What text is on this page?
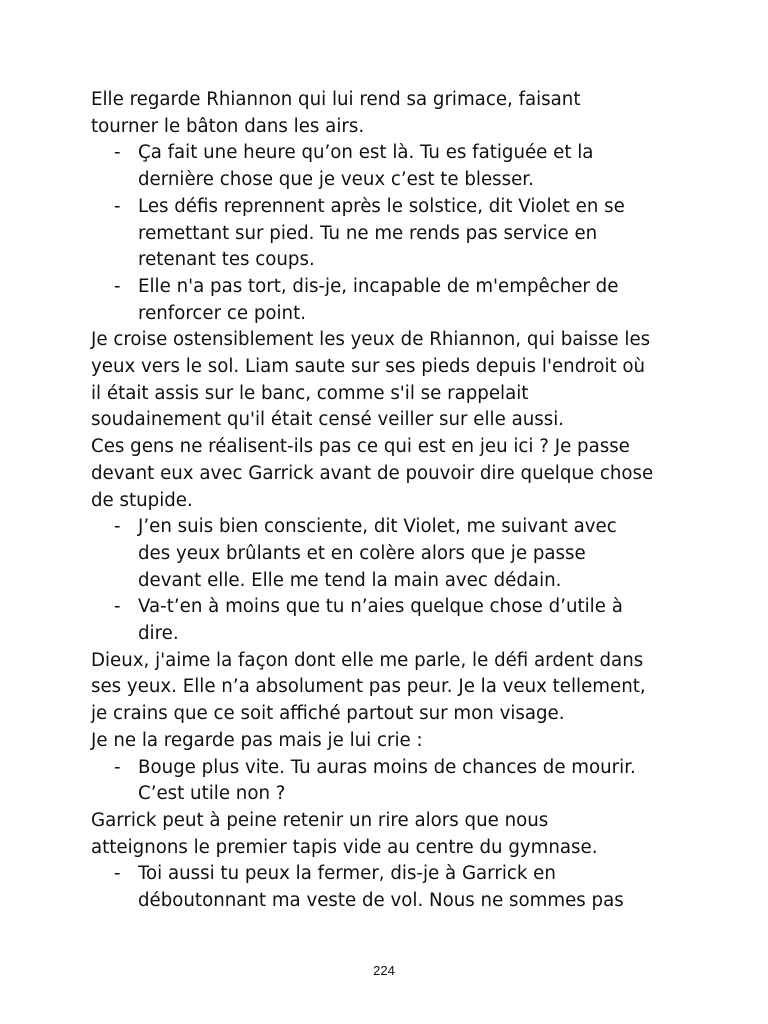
Elle regarde Rhiannon qui lui rend sa grimace, faisant
tourner le bâton dans les airs.
- Ça fait une heure qu’on est là. Tu es fatiguée et la
dernière chose que je veux c’est te blesser.
- Les défis reprennent après le solstice, dit Violet en se
remettant sur pied. Tu ne me rends pas service en
retenant tes coups.
- Elle n'a pas tort, dis-je, incapable de m'empêcher de
renforcer ce point.
Je croise ostensiblement les yeux de Rhiannon, qui baisse les
yeux vers le sol. Liam saute sur ses pieds depuis l'endroit où
il était assis sur le banc, comme s'il se rappelait
soudainement qu'il était censé veiller sur elle aussi.
Ces gens ne réalisent-ils pas ce qui est en jeu ici ? Je passe
devant eux avec Garrick avant de pouvoir dire quelque chose
de stupide.
- J’en suis bien consciente, dit Violet, me suivant avec
des yeux brûlants et en colère alors que je passe
devant elle. Elle me tend la main avec dédain.
- Va-t’en à moins que tu n’aies quelque chose d’utile à
dire.
Dieux, j'aime la façon dont elle me parle, le défi ardent dans
ses yeux. Elle n’a absolument pas peur. Je la veux tellement,
je crains que ce soit affiché partout sur mon visage.
Je ne la regarde pas mais je lui crie :
- Bouge plus vite. Tu auras moins de chances de mourir.
C’est utile non ?
Garrick peut à peine retenir un rire alors que nous
atteignons le premier tapis vide au centre du gymnase.
- Toi aussi tu peux la fermer, dis-je à Garrick en
déboutonnant ma veste de vol. Nous ne sommes pas
224
